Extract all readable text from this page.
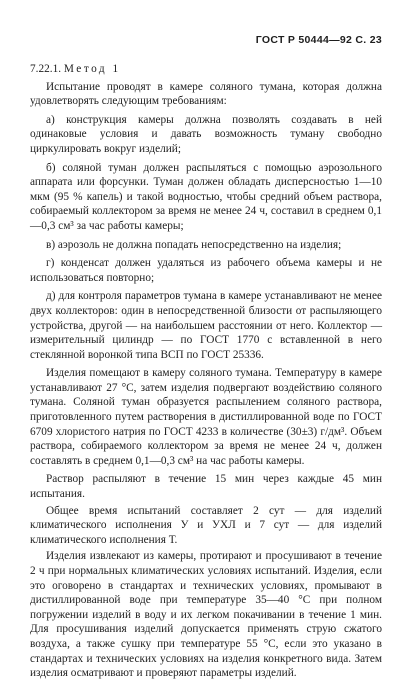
ГОСТ Р 50444—92 С. 23
7.22.1. Метод 1

Испытание проводят в камере соляного тумана, которая должна удовлетворять следующим требованиям:

а) конструкция камеры должна позволять создавать в ней одинаковые условия и давать возможность туману свободно циркулировать вокруг изделий;

б) соляной туман должен распыляться с помощью аэрозольного аппарата или форсунки. Туман должен обладать дисперсностью 1—10 мкм (95 % капель) и такой водностью, чтобы средний объем раствора, собираемый коллектором за время не менее 24 ч, составил в среднем 0,1—0,3 см³ за час работы камеры;

в) аэрозоль не должна попадать непосредственно на изделия;

г) конденсат должен удаляться из рабочего объема камеры и не использоваться повторно;

д) для контроля параметров тумана в камере устанавливают не менее двух коллекторов: один в непосредственной близости от распыляющего устройства, другой — на наибольшем расстоянии от него. Коллектор — измерительный цилиндр — по ГОСТ 1770 с вставленной в него стеклянной воронкой типа ВСП по ГОСТ 25336.

Изделия помещают в камеру соляного тумана. Температуру в камере устанавливают 27 °С, затем изделия подвергают воздействию соляного тумана. Соляной туман образуется распылением соляного раствора, приготовленного путем растворения в дистиллированной воде по ГОСТ 6709 хлористого натрия по ГОСТ 4233 в количестве (30±3) г/дм³. Объем раствора, собираемого коллектором за время не менее 24 ч, должен составлять в среднем 0,1—0,3 см³ на час работы камеры.

Раствор распыляют в течение 15 мин через каждые 45 мин испытания.

Общее время испытаний составляет 2 сут — для изделий климатического исполнения У и УХЛ и 7 сут — для изделий климатического исполнения Т.

Изделия извлекают из камеры, протирают и просушивают в течение 2 ч при нормальных климатических условиях испытаний. Изделия, если это оговорено в стандартах и технических условиях, промывают в дистиллированной воде при температуре 35—40 °С при полном погружении изделий в воду и их легком покачивании в течение 1 мин. Для просушивания изделий допускается применять струю сжатого воздуха, а также сушку при температуре 55 °С, если это указано в стандартах и технических условиях на изделия конкретного вида. Затем изделия осматривают и проверяют параметры изделий.
